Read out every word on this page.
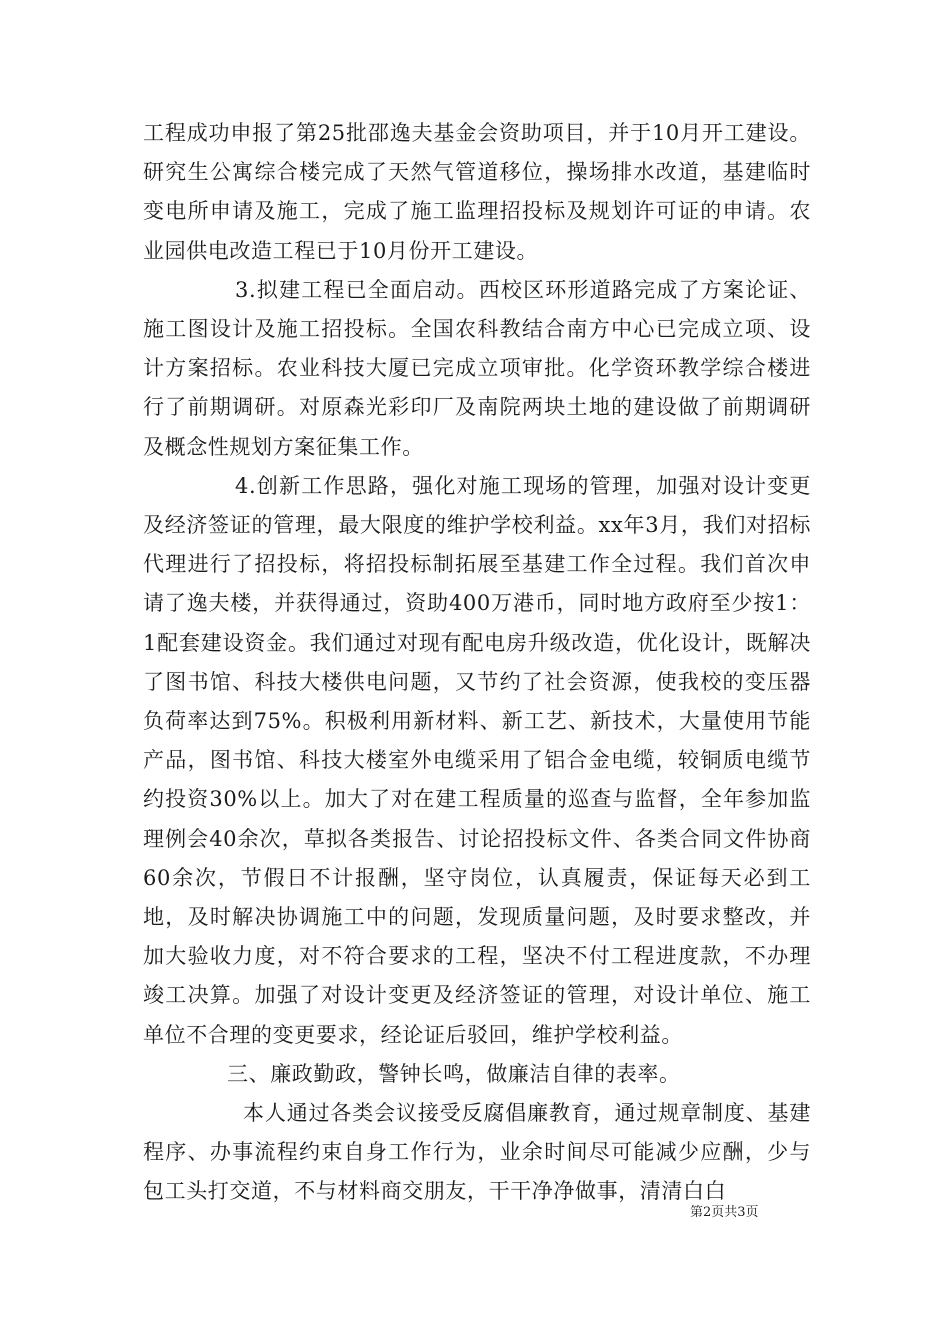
工程成功申报了第25批邵逸夫基金会资助项目，并于10月开工建设。研究生公寓综合楼完成了天然气管道移位，操场排水改道，基建临时变电所申请及施工，完成了施工监理招投标及规划许可证的申请。农业园供电改造工程已于10月份开工建设。

3.拟建工程已全面启动。西校区环形道路完成了方案论证、施工图设计及施工招投标。全国农科教结合南方中心已完成立项、设计方案招标。农业科技大厦已完成立项审批。化学资环教学综合楼进行了前期调研。对原森光彩印厂及南院两块土地的建设做了前期调研及概念性规划方案征集工作。

4.创新工作思路，强化对施工现场的管理，加强对设计变更及经济签证的管理，最大限度的维护学校利益。xx年3月，我们对招标代理进行了招投标，将招投标制拓展至基建工作全过程。我们首次申请了逸夫楼，并获得通过，资助400万港币，同时地方政府至少按1：1配套建设资金。我们通过对现有配电房升级改造，优化设计，既解决了图书馆、科技大楼供电问题，又节约了社会资源，使我校的变压器负荷率达到75%。积极利用新材料、新工艺、新技术，大量使用节能产品，图书馆、科技大楼室外电缆采用了铝合金电缆，较铜质电缆节约投资30%以上。加大了对在建工程质量的巡查与监督，全年参加监理例会40余次，草拟各类报告、讨论招投标文件、各类合同文件协商60余次，节假日不计报酬，坚守岗位，认真履责，保证每天必到工地，及时解决协调施工中的问题，发现质量问题，及时要求整改，并加大验收力度，对不符合要求的工程，坚决不付工程进度款，不办理竣工决算。加强了对设计变更及经济签证的管理，对设计单位、施工单位不合理的变更要求，经论证后驳回，维护学校利益。

三、廉政勤政，警钟长鸣，做廉洁自律的表率。

本人通过各类会议接受反腐倡廉教育，通过规章制度、基建程序、办事流程约束自身工作行为，业余时间尽可能减少应酬，少与包工头打交道，不与材料商交朋友，干干净净做事，清清白白

第2页共3页
